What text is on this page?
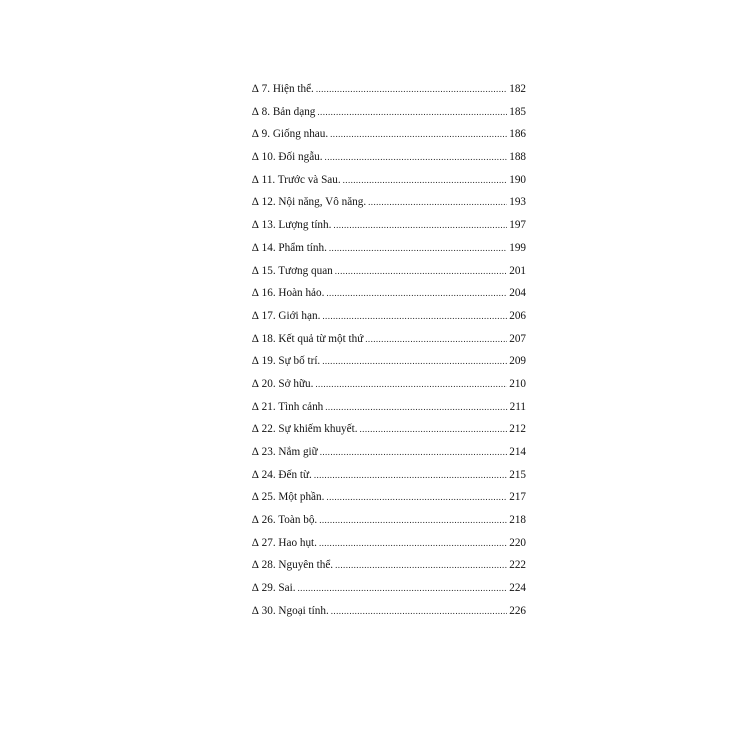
∆ 7. Hiện thể. .....	182
∆ 8. Bản dạng .....	185
∆ 9. Giống nhau. .....	186
∆ 10. Đối ngẫu. .....	188
∆ 11. Trước và Sau. .....	190
∆ 12. Nội năng, Vô năng. .....	193
∆ 13. Lượng tính. .....	197
∆ 14. Phẩm tính. .....	199
∆ 15. Tương quan .....	201
∆ 16. Hoàn hảo. .....	204
∆ 17. Giới hạn. .....	206
∆ 18. Kết quả từ một thứ .....	207
∆ 19. Sự bố trí. .....	209
∆ 20. Sở hữu. .....	210
∆ 21. Tình cảnh .....	211
∆ 22. Sự khiếm khuyết. .....	212
∆ 23. Nắm giữ .....	214
∆ 24. Đến từ. .....	215
∆ 25. Một phần. .....	217
∆ 26. Toàn bộ. .....	218
∆ 27. Hao hụt. .....	220
∆ 28. Nguyên thể. .....	222
∆ 29. Sai. .....	224
∆ 30. Ngoại tính. .....	226
